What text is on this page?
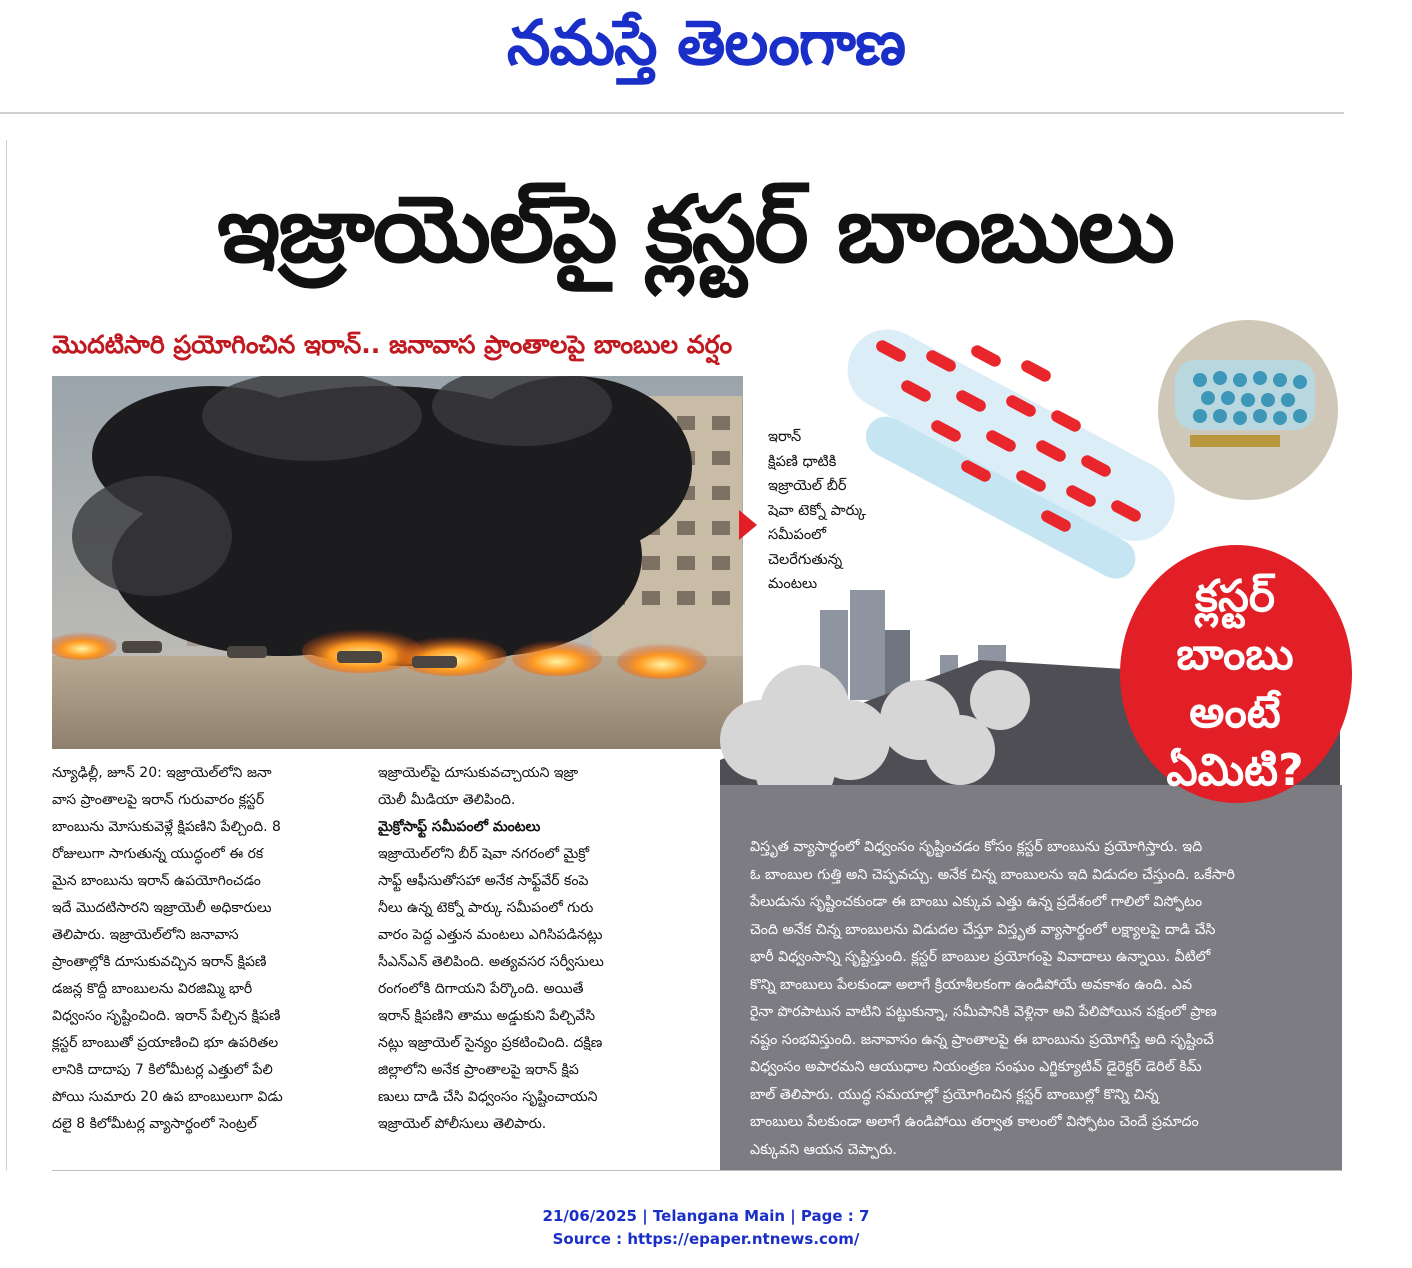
నమస్తే తెలంగాణ
ఇజ్రాయెల్‌పై క్లస్టర్ బాంబులు
మొదటిసారి ప్రయోగించిన ఇరాన్.. జనావాస ప్రాంతాలపై బాంబుల వర్షం
ఇరాన్
క్షిపణి ధాటికి
ఇజ్రాయెల్ బీర్
షెవా టెక్నో పార్కు
సమీపంలో
చెలరేగుతున్న
మంటలు	క్లస్టర్
బాంబు
అంటే
ఏమిటి?
విస్తృత వ్యాసార్థంలో విధ్వంసం సృష్టించడం కోసం క్లస్టర్ బాంబును ప్రయోగిస్తారు. ఇది
ఓ బాంబుల గుత్తి అని చెప్పవచ్చు. అనేక చిన్న బాంబులను ఇది విడుదల చేస్తుంది. ఒకేసారి
పేలుడును సృష్టించకుండా ఈ బాంబు ఎక్కువ ఎత్తు ఉన్న ప్రదేశంలో గాలిలో విస్ఫోటం
చెంది అనేక చిన్న బాంబులను విడుదల చేస్తూ విస్తృత వ్యాసార్థంలో లక్ష్యాలపై దాడి చేసి
భారీ విధ్వంసాన్ని సృష్టిస్తుంది. క్లస్టర్ బాంబుల ప్రయోగంపై వివాదాలు ఉన్నాయి. వీటిలో
కొన్ని బాంబులు పేలకుండా అలాగే క్రియాశీలకంగా ఉండిపోయే అవకాశం ఉంది. ఎవ
రైనా పొరపాటున వాటిని పట్టుకున్నా, సమీపానికి వెళ్లినా అవి పేలిపోయిన పక్షంలో ప్రాణ
నష్టం సంభవిస్తుంది. జనావాసం ఉన్న ప్రాంతాలపై ఈ బాంబును ప్రయోగిస్తే అది సృష్టించే
విధ్వంసం అపారమని ఆయుధాల నియంత్రణ సంఘం ఎగ్జిక్యూటివ్ డైరెక్టర్ డెరిల్ కిమ్
బాల్ తెలిపారు. యుద్ధ సమయాల్లో ప్రయోగించిన క్లస్టర్ బాంబుల్లో కొన్ని చిన్న
బాంబులు పేలకుండా అలాగే ఉండిపోయి తర్వాత కాలంలో విస్ఫోటం చెందే ప్రమాదం
ఎక్కువని ఆయన చెప్పారు.
న్యూఢిల్లీ, జూన్ 20: ఇజ్రాయెల్‌లోని జనా
వాస ప్రాంతాలపై ఇరాన్ గురువారం క్లస్టర్
బాంబును మోసుకువెళ్లే క్షిపణిని పేల్చింది. 8
రోజులుగా సాగుతున్న యుద్ధంలో ఈ రక
మైన బాంబును ఇరాన్ ఉపయోగించడం
ఇదే మొదటిసారని ఇజ్రాయెలీ అధికారులు
తెలిపారు. ఇజ్రాయెల్‌లోని జనావాస
ప్రాంతాల్లోకి దూసుకువచ్చిన ఇరాన్ క్షిపణి
డజన్ల కొద్దీ బాంబులను విరజిమ్మి భారీ
విధ్వంసం సృష్టించింది. ఇరాన్ పేల్చిన క్షిపణి
క్లస్టర్ బాంబుతో ప్రయాణించి భూ ఉపరితల
లానికి దాదాపు 7 కిలోమీటర్ల ఎత్తులో పేలి
పోయి సుమారు 20 ఉప బాంబులుగా విడు
దలై 8 కిలోమీటర్ల వ్యాసార్థంలో సెంట్రల్
ఇజ్రాయెల్‌పై దూసుకువచ్చాయని ఇజ్రా
యెలీ మీడియా తెలిపింది.
మైక్రోసాఫ్ట్ సమీపంలో మంటలు
ఇజ్రాయెల్‌లోని బీర్ షెవా నగరంలో మైక్రో
సాఫ్ట్ ఆఫీసుతోసహా అనేక సాఫ్ట్‌వేర్ కంపె
నీలు ఉన్న టెక్నో పార్కు సమీపంలో గురు
వారం పెద్ద ఎత్తున మంటలు ఎగిసిపడినట్లు
సీఎన్ఎన్ తెలిపింది. అత్యవసర సర్వీసులు
రంగంలోకి దిగాయని పేర్కొంది. అయితే
ఇరాన్ క్షిపణిని తాము అడ్డుకుని పేల్చివేసి
నట్లు ఇజ్రాయెల్ సైన్యం ప్రకటించింది. దక్షిణ
జిల్లాలోని అనేక ప్రాంతాలపై ఇరాన్ క్షిప
ణులు దాడి చేసి విధ్వంసం సృష్టించాయని
ఇజ్రాయెల్ పోలీసులు తెలిపారు.
21/06/2025 | Telangana Main | Page : 7
Source : https://epaper.ntnews.com/
